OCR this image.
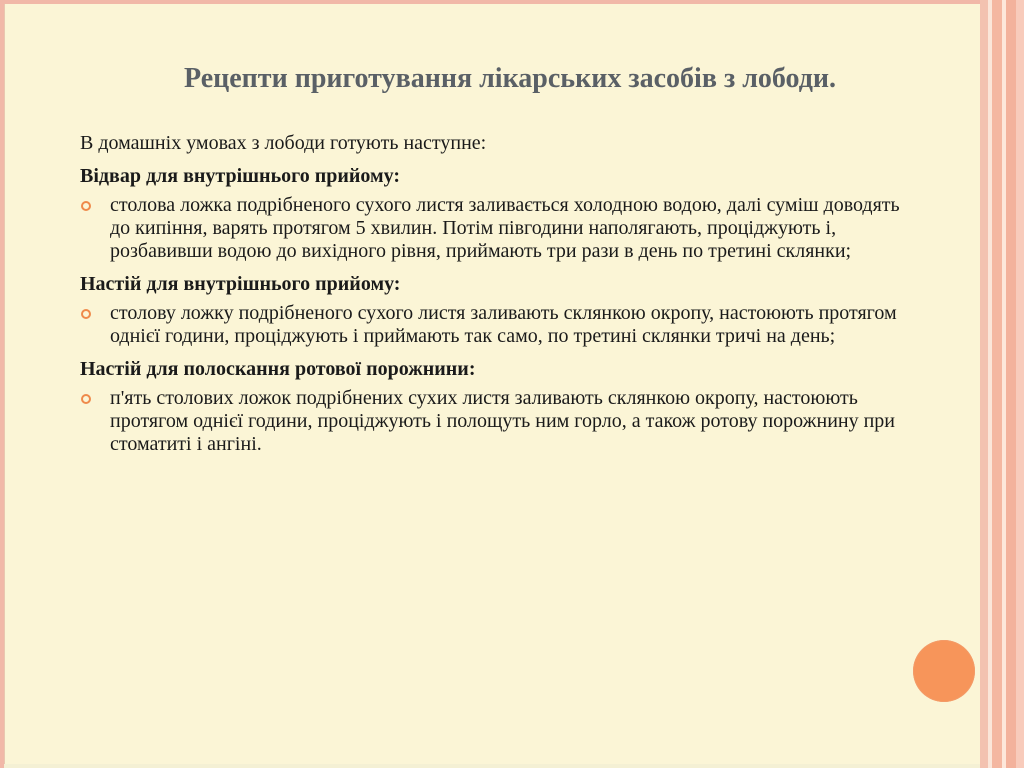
Рецепти приготування лікарських засобів з лободи.

В домашніх умовах з лободи готують наступне:

Відвар для внутрішнього прийому:

столова ложка подрібненого сухого листя заливається холодною водою, далі суміш доводять до кипіння, варять протягом 5 хвилин. Потім півгодини наполягають, проціджують і, розбавивши водою до вихідного рівня, приймають три рази в день по третині склянки;

Настій для внутрішнього прийому:

столову ложку подрібненого сухого листя заливають склянкою окропу, настоюють протягом однієї години, проціджують і приймають так само, по третині склянки тричі на день;

Настій для полоскання ротової порожнини:

п'ять столових ложок подрібнених сухих листя заливають склянкою окропу, настоюють протягом однієї години, проціджують і полощуть ним горло, а також ротову порожнину при стоматиті і ангіні.
